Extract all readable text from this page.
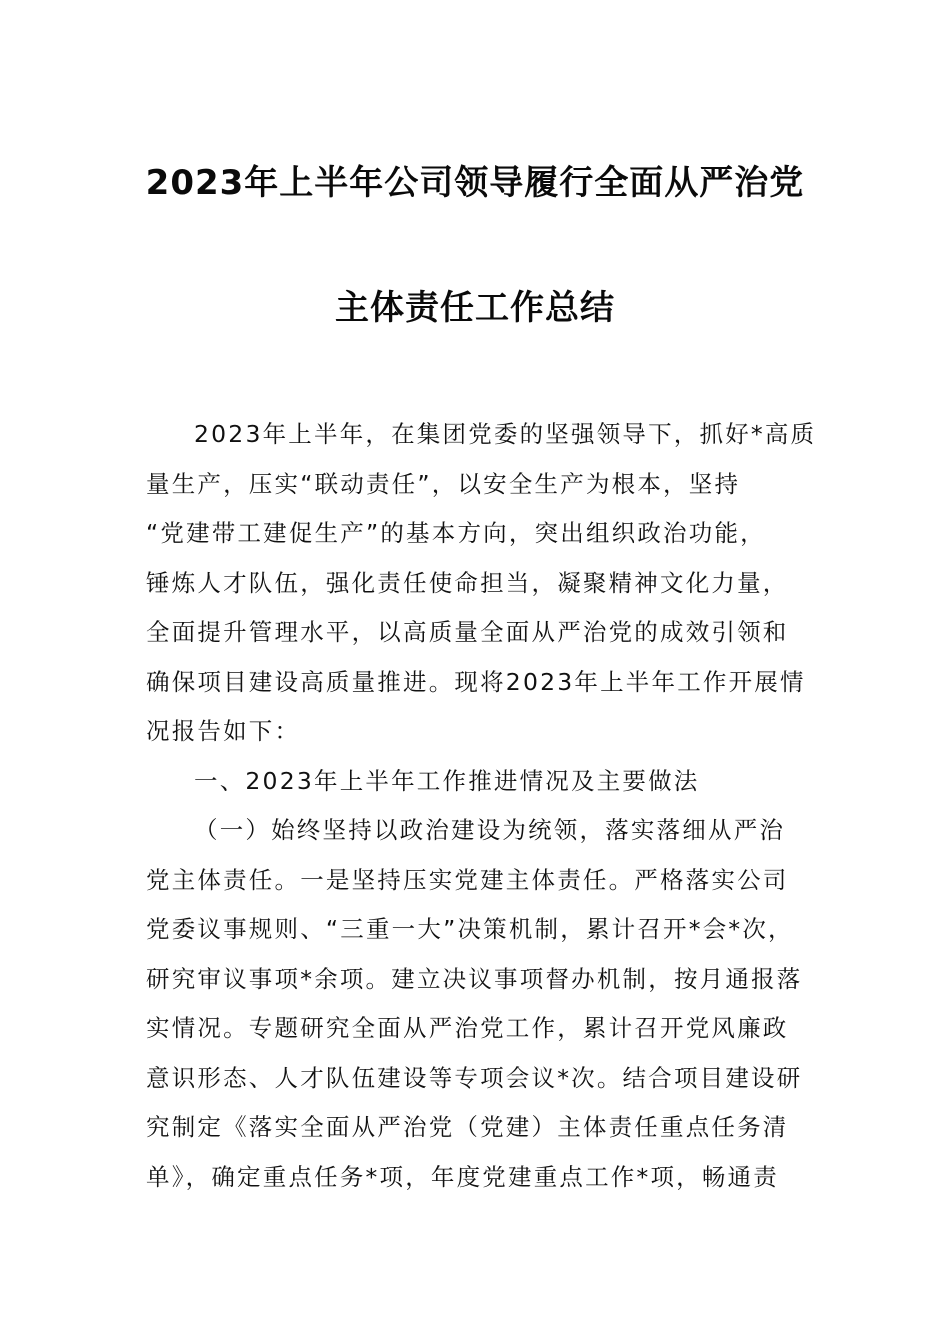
2023年上半年公司领导履行全面从严治党
主体责任工作总结
2023年上半年，在集团党委的坚强领导下，抓好*高质
量生产，压实“联动责任”，以安全生产为根本，坚持
“党建带工建促生产”的基本方向，突出组织政治功能，
锤炼人才队伍，强化责任使命担当，凝聚精神文化力量，
全面提升管理水平，以高质量全面从严治党的成效引领和
确保项目建设高质量推进。现将2023年上半年工作开展情
况报告如下：
一、2023年上半年工作推进情况及主要做法
（一）始终坚持以政治建设为统领，落实落细从严治
党主体责任。一是坚持压实党建主体责任。严格落实公司
党委议事规则、“三重一大”决策机制，累计召开*会*次，
研究审议事项*余项。建立决议事项督办机制，按月通报落
实情况。专题研究全面从严治党工作，累计召开党风廉政
意识形态、人才队伍建设等专项会议*次。结合项目建设研
究制定《落实全面从严治党（党建）主体责任重点任务清
单》，确定重点任务*项，年度党建重点工作*项，畅通责
